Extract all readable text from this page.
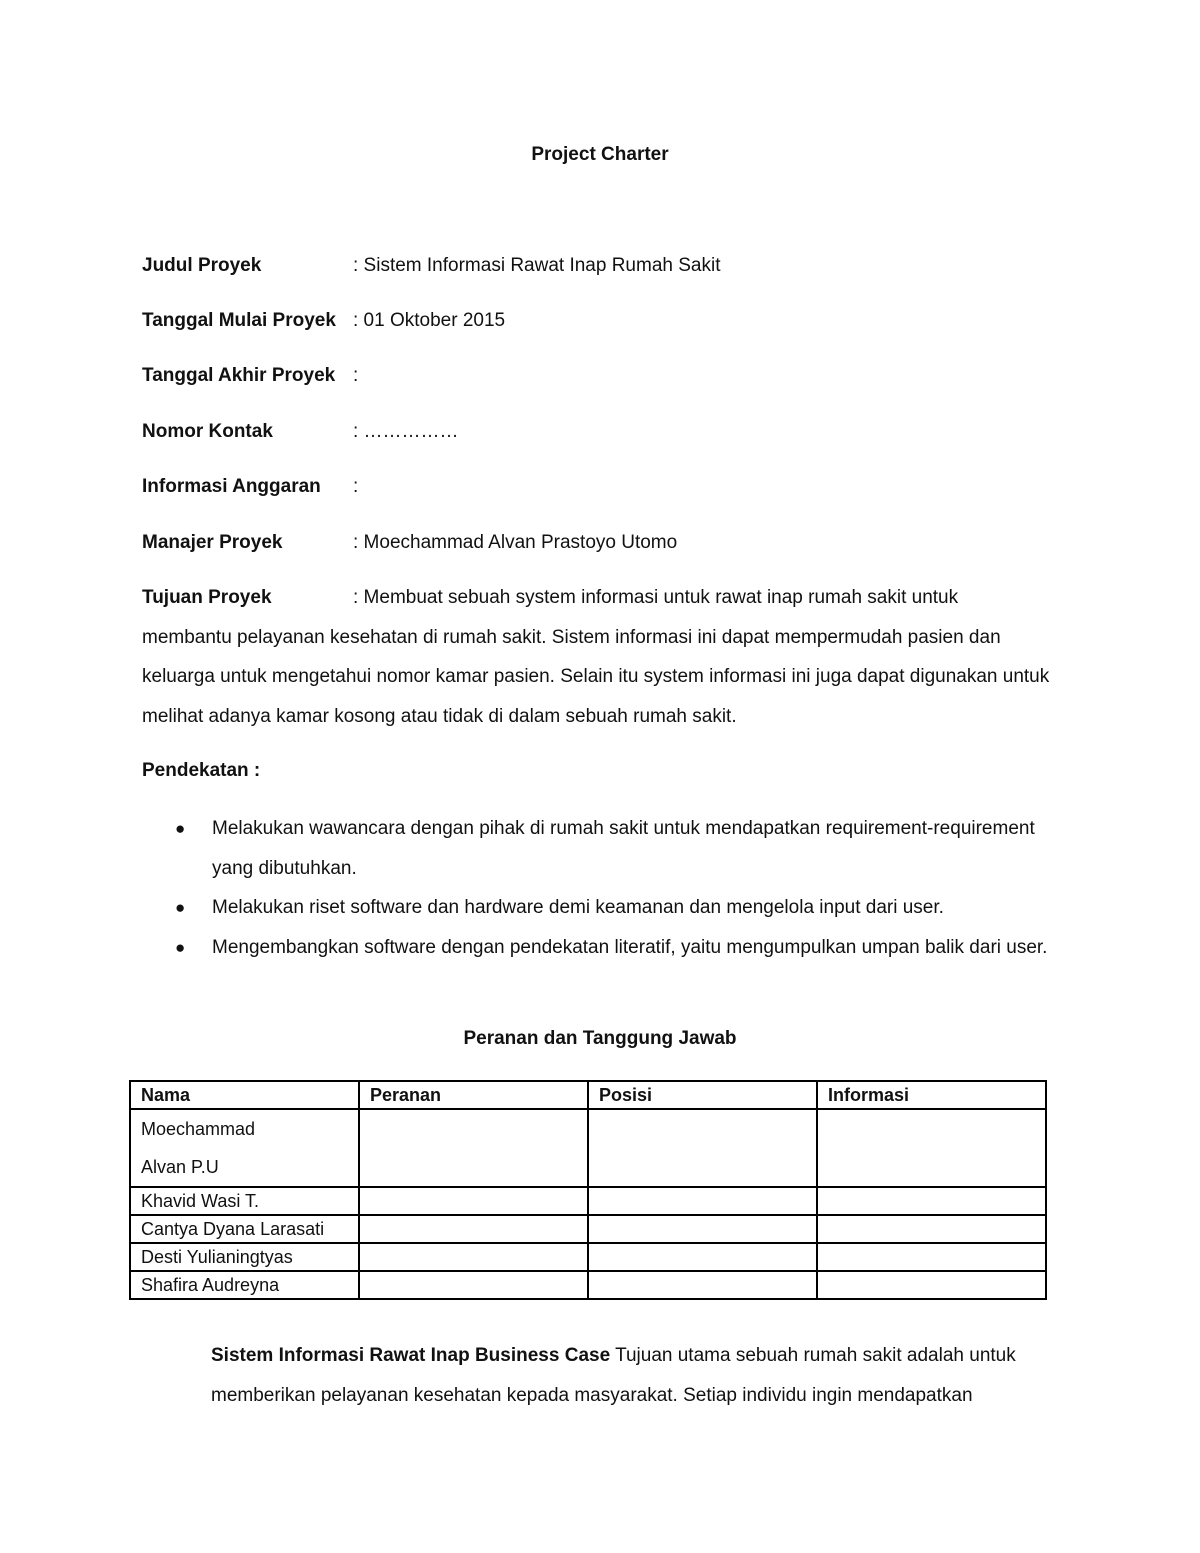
Project Charter
Judul Proyek	: Sistem Informasi Rawat Inap Rumah Sakit
Tanggal Mulai Proyek : 01 Oktober 2015
Tanggal Akhir Proyek :
Nomor Kontak	: ……………
Informasi Anggaran :
Manajer Proyek	: Moechammad Alvan Prastoyo Utomo
Tujuan Proyek	: Membuat sebuah system informasi untuk rawat inap rumah sakit untuk membantu pelayanan kesehatan di rumah sakit. Sistem informasi ini dapat mempermudah pasien dan keluarga untuk mengetahui nomor kamar pasien. Selain itu system informasi ini juga dapat digunakan untuk melihat adanya kamar kosong atau tidak di dalam sebuah rumah sakit.
Pendekatan :
● Melakukan wawancara dengan pihak di rumah sakit untuk mendapatkan requirement-requirement yang dibutuhkan.
● Melakukan riset software dan hardware demi keamanan dan mengelola input dari user.
● Mengembangkan software dengan pendekatan literatif, yaitu mengumpulkan umpan balik dari user.
Peranan dan Tanggung Jawab
Nama	Peranan	Posisi	Informasi
Moechammad Alvan P.U			
Khavid Wasi T.			
Cantya Dyana Larasati			
Desti Yulianingtyas			
Shafira Audreyna			
Sistem Informasi Rawat Inap Business Case Tujuan utama sebuah rumah sakit adalah untuk memberikan pelayanan kesehatan kepada masyarakat. Setiap individu ingin mendapatkan
